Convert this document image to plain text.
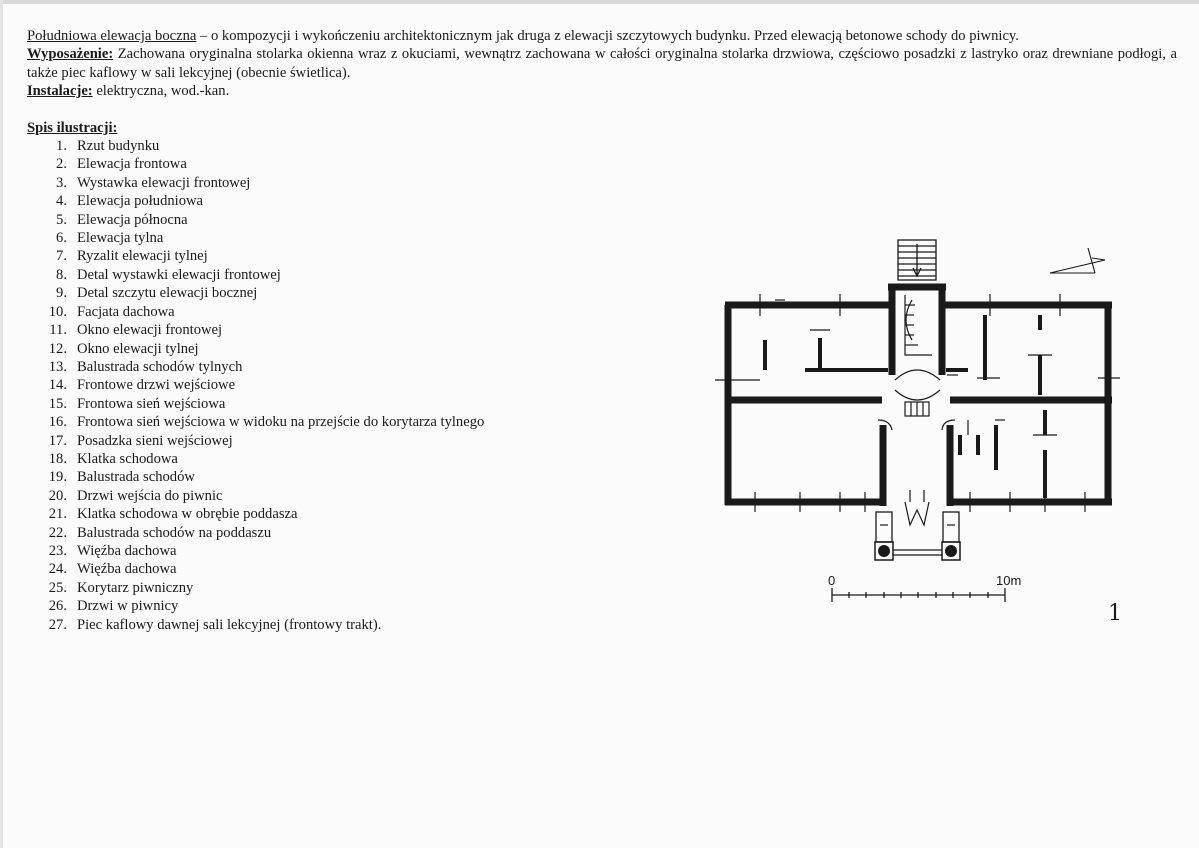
Południowa elewacja boczna – o kompozycji i wykończeniu architektonicznym jak druga z elewacji szczytowych budynku. Przed elewacją betonowe schody do piwnicy.

Wyposażenie: Zachowana oryginalna stolarka okienna wraz z okuciami, wewnątrz zachowana w całości oryginalna stolarka drzwiowa, częściowo posadzki z lastryko oraz drewniane podłogi, a także piec kaflowy w sali lekcyjnej (obecnie świetlica).

Instalacje: elektryczna, wod.-kan.

Spis ilustracji:

1. Rzut budynku
2. Elewacja frontowa
3. Wystawka elewacji frontowej
4. Elewacja południowa
5. Elewacja północna
6. Elewacja tylna
7. Ryzalit elewacji tylnej
8. Detal wystawki elewacji frontowej
9. Detal szczytu elewacji bocznej
10. Facjata dachowa
11. Okno elewacji frontowej
12. Okno elewacji tylnej
13. Balustrada schodów tylnych
14. Frontowe drzwi wejściowe
15. Frontowa sień wejściowa
16. Frontowa sień wejściowa w widoku na przejście do korytarza tylnego
17. Posadzka sieni wejściowej
18. Klatka schodowa
19. Balustrada schodów
20. Drzwi wejścia do piwnic
21. Klatka schodowa w obrębie poddasza
22. Balustrada schodów na poddaszu
23. Więźba dachowa
24. Więźba dachowa
25. Korytarz piwniczny
26. Drzwi w piwnicy
27. Piec kaflowy dawnej sali lekcyjnej (frontowy trakt).
0	10m
1
